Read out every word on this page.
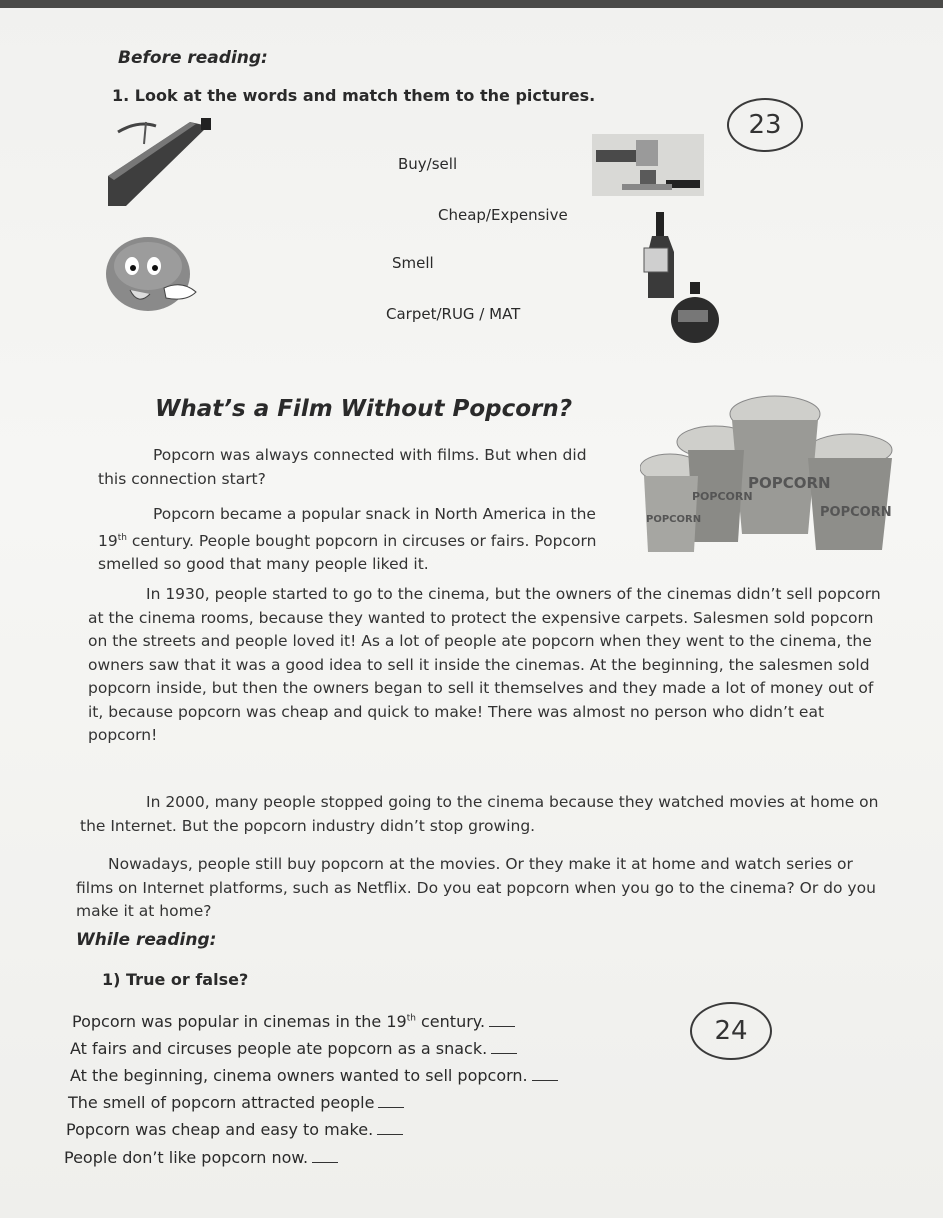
Before reading:
1. Look at the words and match them to the pictures.
23
Buy/sell
Cheap/Expensive
Smell
Carpet/RUG / MAT
What’s a Film Without Popcorn?
Popcorn was always connected with films. But when did this connection start?
Popcorn became a popular snack in North America in the 19th century. People bought popcorn in circuses or fairs. Popcorn smelled so good that many people liked it.
POPCORN
POPCORN
POPCORN
POPCORN
In 1930, people started to go to the cinema, but the owners of the cinemas didn’t sell popcorn at the cinema rooms, because they wanted to protect the expensive carpets. Salesmen sold popcorn on the streets and people loved it! As a lot of people ate popcorn when they went to the cinema, the owners saw that it was a good idea to sell it inside the cinemas. At the beginning, the salesmen sold popcorn inside, but then the owners began to sell it themselves and they made a lot of money out of it, because popcorn was cheap and quick to make! There was almost no person who didn’t eat popcorn!
In 2000, many people stopped going to the cinema because they watched movies at home on the Internet. But the popcorn industry didn’t stop growing.
Nowadays, people still buy popcorn at the movies. Or they make it at home and watch series or films on Internet platforms, such as Netflix. Do you eat popcorn when you go to the cinema? Or do you make it at home?
While reading:
1) True or false?
24
Popcorn was popular in cinemas in the 19th century.
At fairs and circuses people ate popcorn as a snack.
At the beginning, cinema owners wanted to sell popcorn.
The smell of popcorn attracted people
Popcorn was cheap and easy to make.
People don’t like popcorn now.
